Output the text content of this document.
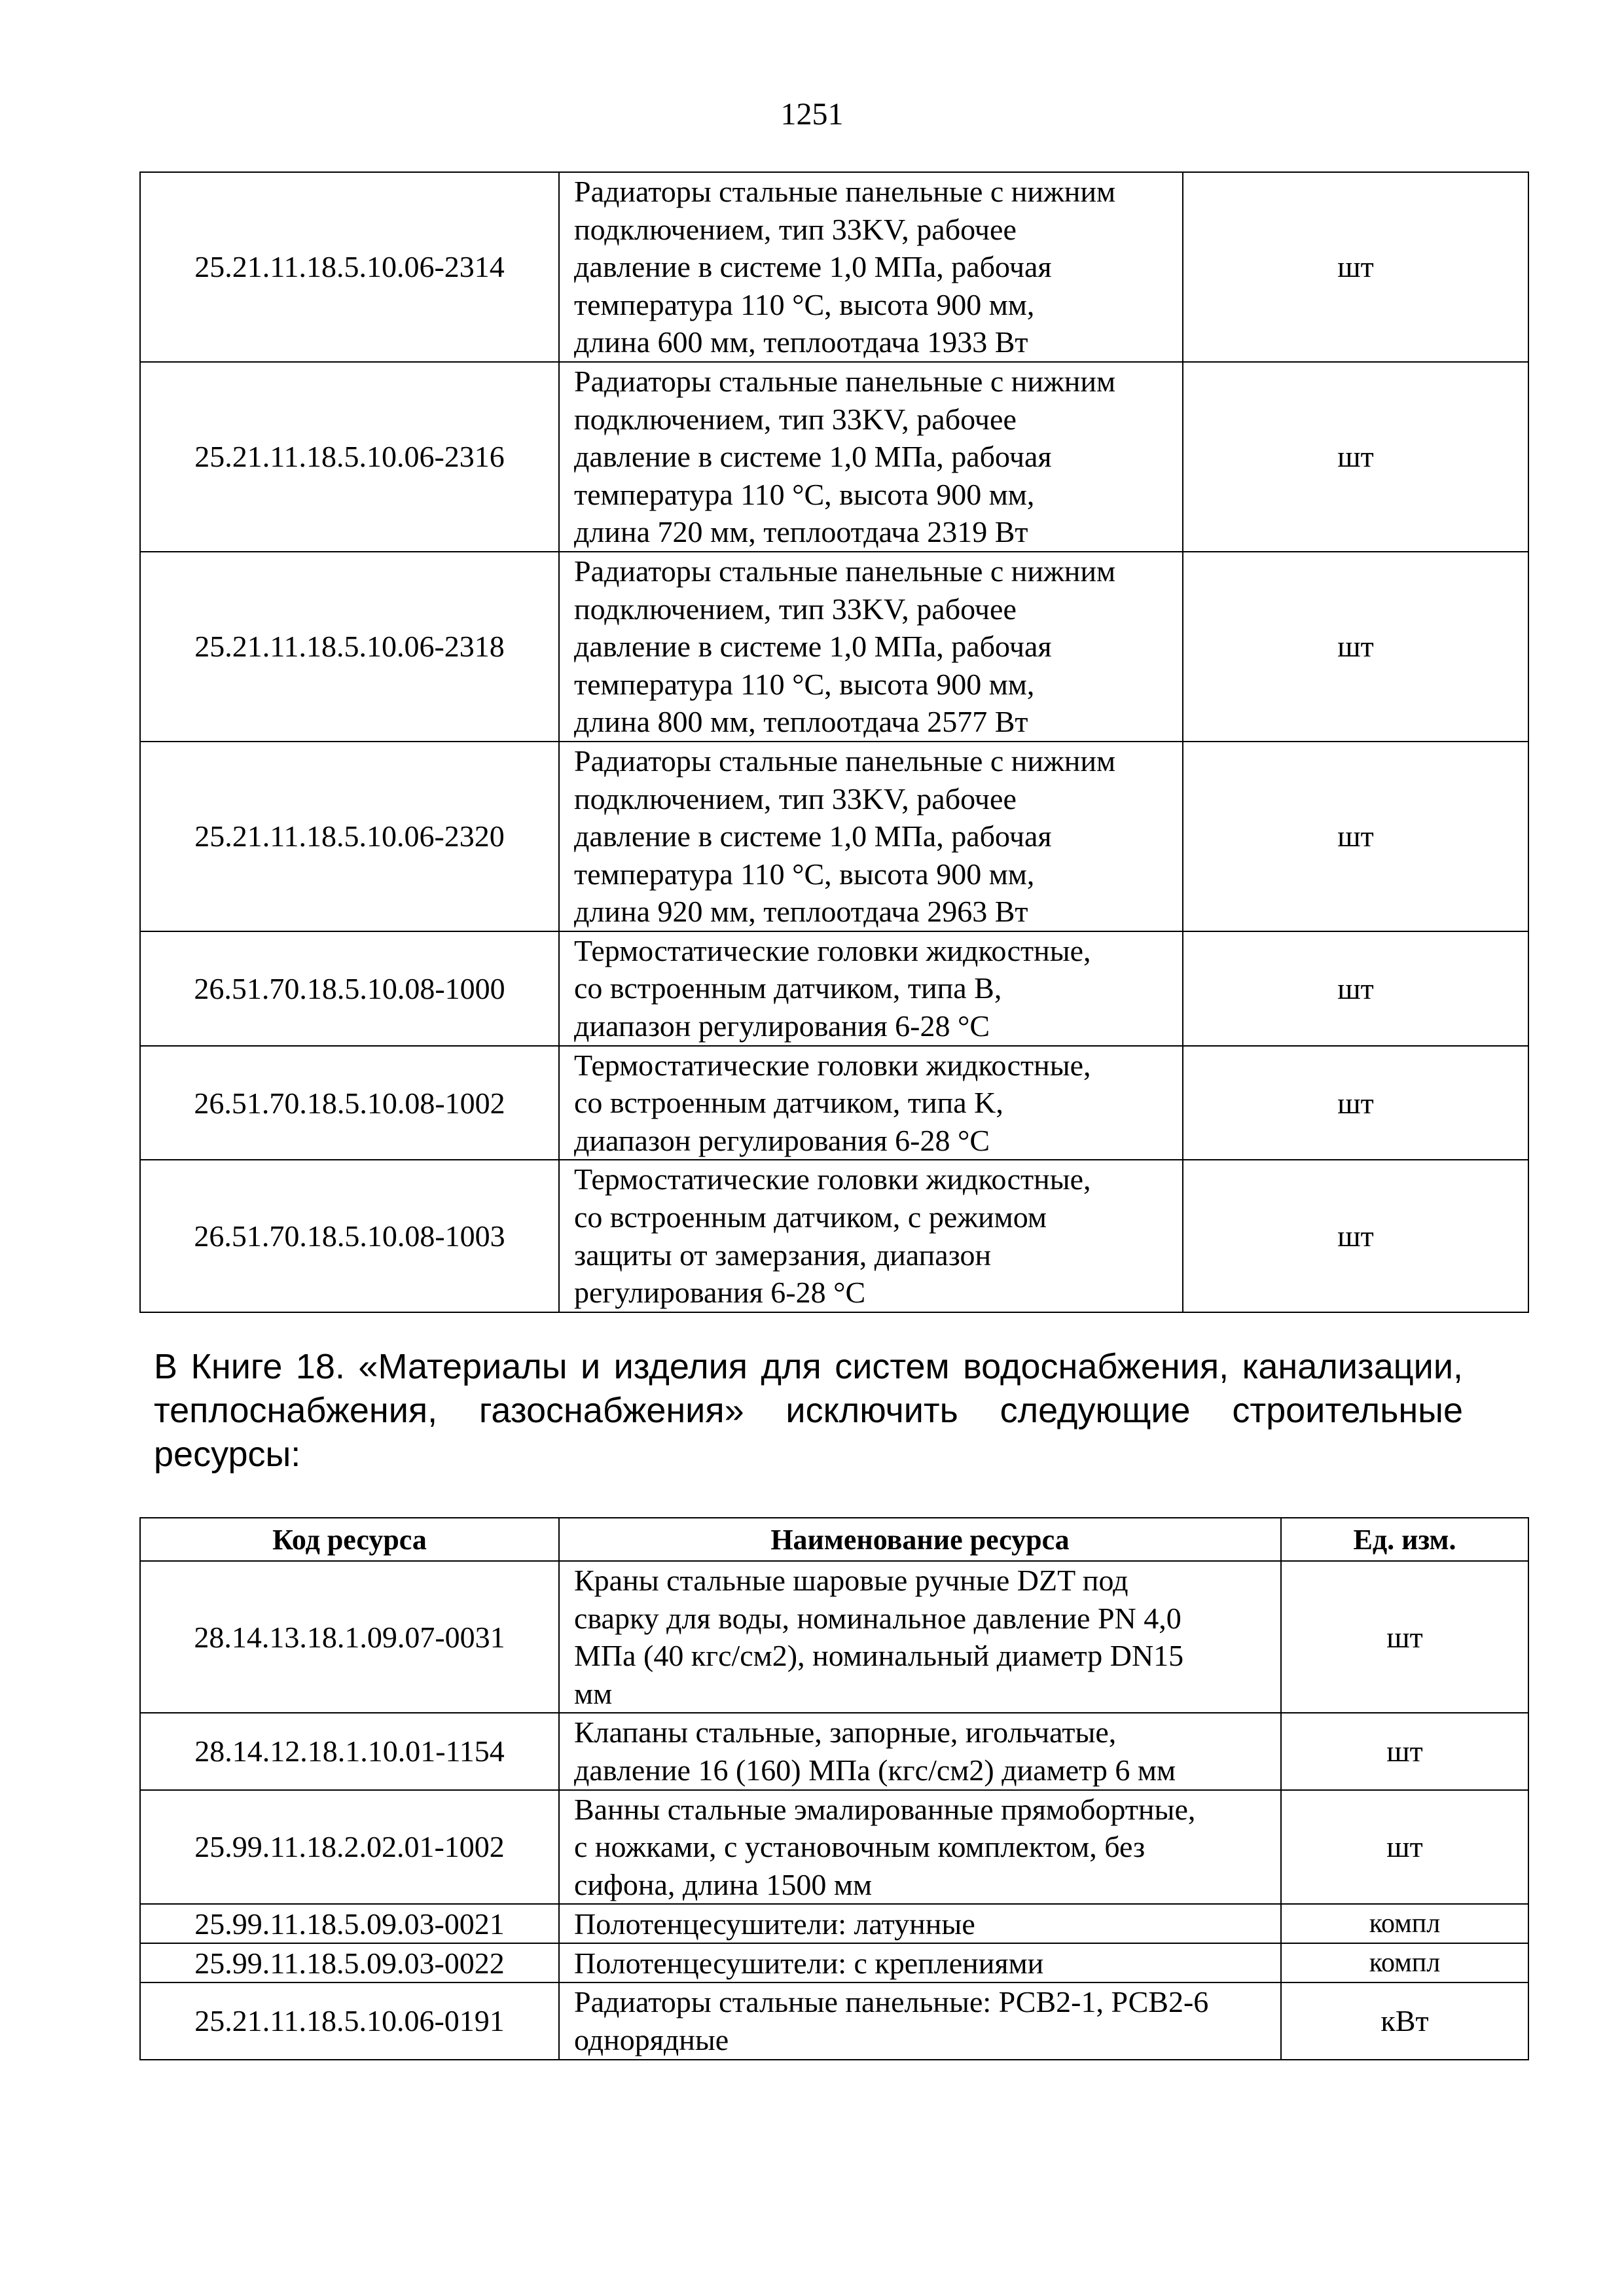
1251
25.21.11.18.5.10.06-2314	Радиаторы стальные панельные с нижним
подключением, тип 33KV, рабочее
давление в системе 1,0 МПа, рабочая
температура 110 °C, высота 900 мм,
длина 600 мм, теплоотдача 1933 Вт	шт
25.21.11.18.5.10.06-2316	Радиаторы стальные панельные с нижним
подключением, тип 33KV, рабочее
давление в системе 1,0 МПа, рабочая
температура 110 °C, высота 900 мм,
длина 720 мм, теплоотдача 2319 Вт	шт
25.21.11.18.5.10.06-2318	Радиаторы стальные панельные с нижним
подключением, тип 33KV, рабочее
давление в системе 1,0 МПа, рабочая
температура 110 °C, высота 900 мм,
длина 800 мм, теплоотдача 2577 Вт	шт
25.21.11.18.5.10.06-2320	Радиаторы стальные панельные с нижним
подключением, тип 33KV, рабочее
давление в системе 1,0 МПа, рабочая
температура 110 °C, высота 900 мм,
длина 920 мм, теплоотдача 2963 Вт	шт
26.51.70.18.5.10.08-1000	Термостатические головки жидкостные,
со встроенным датчиком, типа B,
диапазон регулирования 6-28 °C	шт
26.51.70.18.5.10.08-1002	Термостатические головки жидкостные,
со встроенным датчиком, типа K,
диапазон регулирования 6-28 °C	шт
26.51.70.18.5.10.08-1003	Термостатические головки жидкостные,
со встроенным датчиком, с режимом
защиты от замерзания, диапазон
регулирования 6-28 °C	шт
В Книге 18. «Материалы и изделия для систем водоснабжения, канализации, теплоснабжения, газоснабжения» исключить следующие строительные ресурсы:
Код ресурса	Наименование ресурса	Ед. изм.
28.14.13.18.1.09.07-0031	Краны стальные шаровые ручные DZT под
сварку для воды, номинальное давление PN 4,0
МПа (40 кгс/см2), номинальный диаметр DN15
мм	шт
28.14.12.18.1.10.01-1154	Клапаны стальные, запорные, игольчатые,
давление 16 (160) МПа (кгс/см2) диаметр 6 мм	шт
25.99.11.18.2.02.01-1002	Ванны стальные эмалированные прямобортные,
с ножками, с установочным комплектом, без
сифона, длина 1500 мм	шт
25.99.11.18.5.09.03-0021	Полотенцесушители: латунные	компл
25.99.11.18.5.09.03-0022	Полотенцесушители: с креплениями	компл
25.21.11.18.5.10.06-0191	Радиаторы стальные панельные: РСВ2-1, РСВ2-6
однорядные	кВт
